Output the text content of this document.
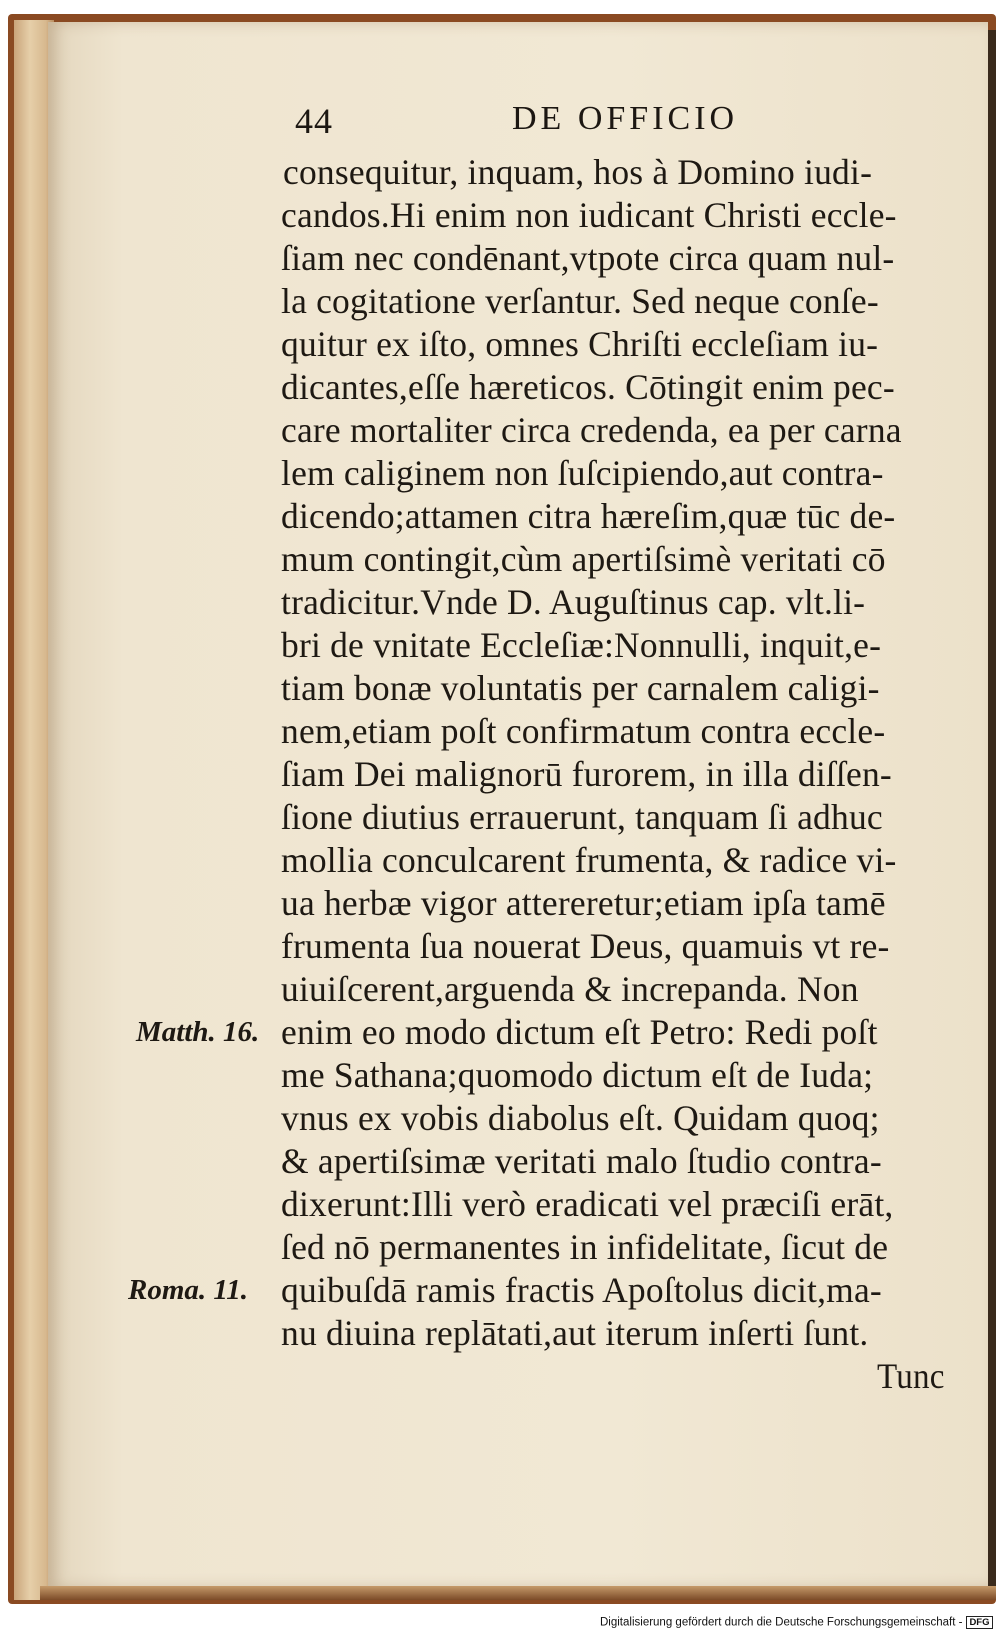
44	DE OFFICIO
consequitur, inquam, hos à Domino iudi-
candos.Hi enim non iudicant Christi eccle-
ſiam nec condēnant,vtpote circa quam nul-
la cogitatione verſantur. Sed neque conſe-
quitur ex iſto, omnes Chriſti eccleſiam iu-
dicantes,eſſe hæreticos. Cōtingit enim pec-
care mortaliter circa credenda, ea per carna
lem caliginem non ſuſcipiendo,aut contra-
dicendo;attamen citra hæreſim,quæ tūc de-
mum contingit,cùm apertiſsimè veritati cō
tradicitur.Vnde D. Auguſtinus cap. vlt.li-
bri de vnitate Eccleſiæ:Nonnulli, inquit,e-
tiam bonæ voluntatis per carnalem caligi-
nem,etiam poſt confirmatum contra eccle-
ſiam Dei malignorū furorem, in illa diſſen-
ſione diutius errauerunt, tanquam ſi adhuc
mollia conculcarent frumenta, & radice vi-
ua herbæ vigor attereretur;etiam ipſa tamē
frumenta ſua nouerat Deus, quamuis vt re-
uiuiſcerent,arguenda & increpanda. Non
enim eo modo dictum eſt Petro: Redi poſt
me Sathana;quomodo dictum eſt de Iuda;
vnus ex vobis diabolus eſt. Quidam quoq;
& apertiſsimæ veritati malo ſtudio contra-
dixerunt:Illi verò eradicati vel præciſi erāt,
ſed nō permanentes in infidelitate, ſicut de
quibuſdā ramis fractis Apoſtolus dicit,ma-
nu diuina replātati,aut iterum inſerti ſunt.
Tunc
Matth. 16.
Roma. 11.
Digitalisierung gefördert durch die Deutsche Forschungsgemeinschaft - DFG
